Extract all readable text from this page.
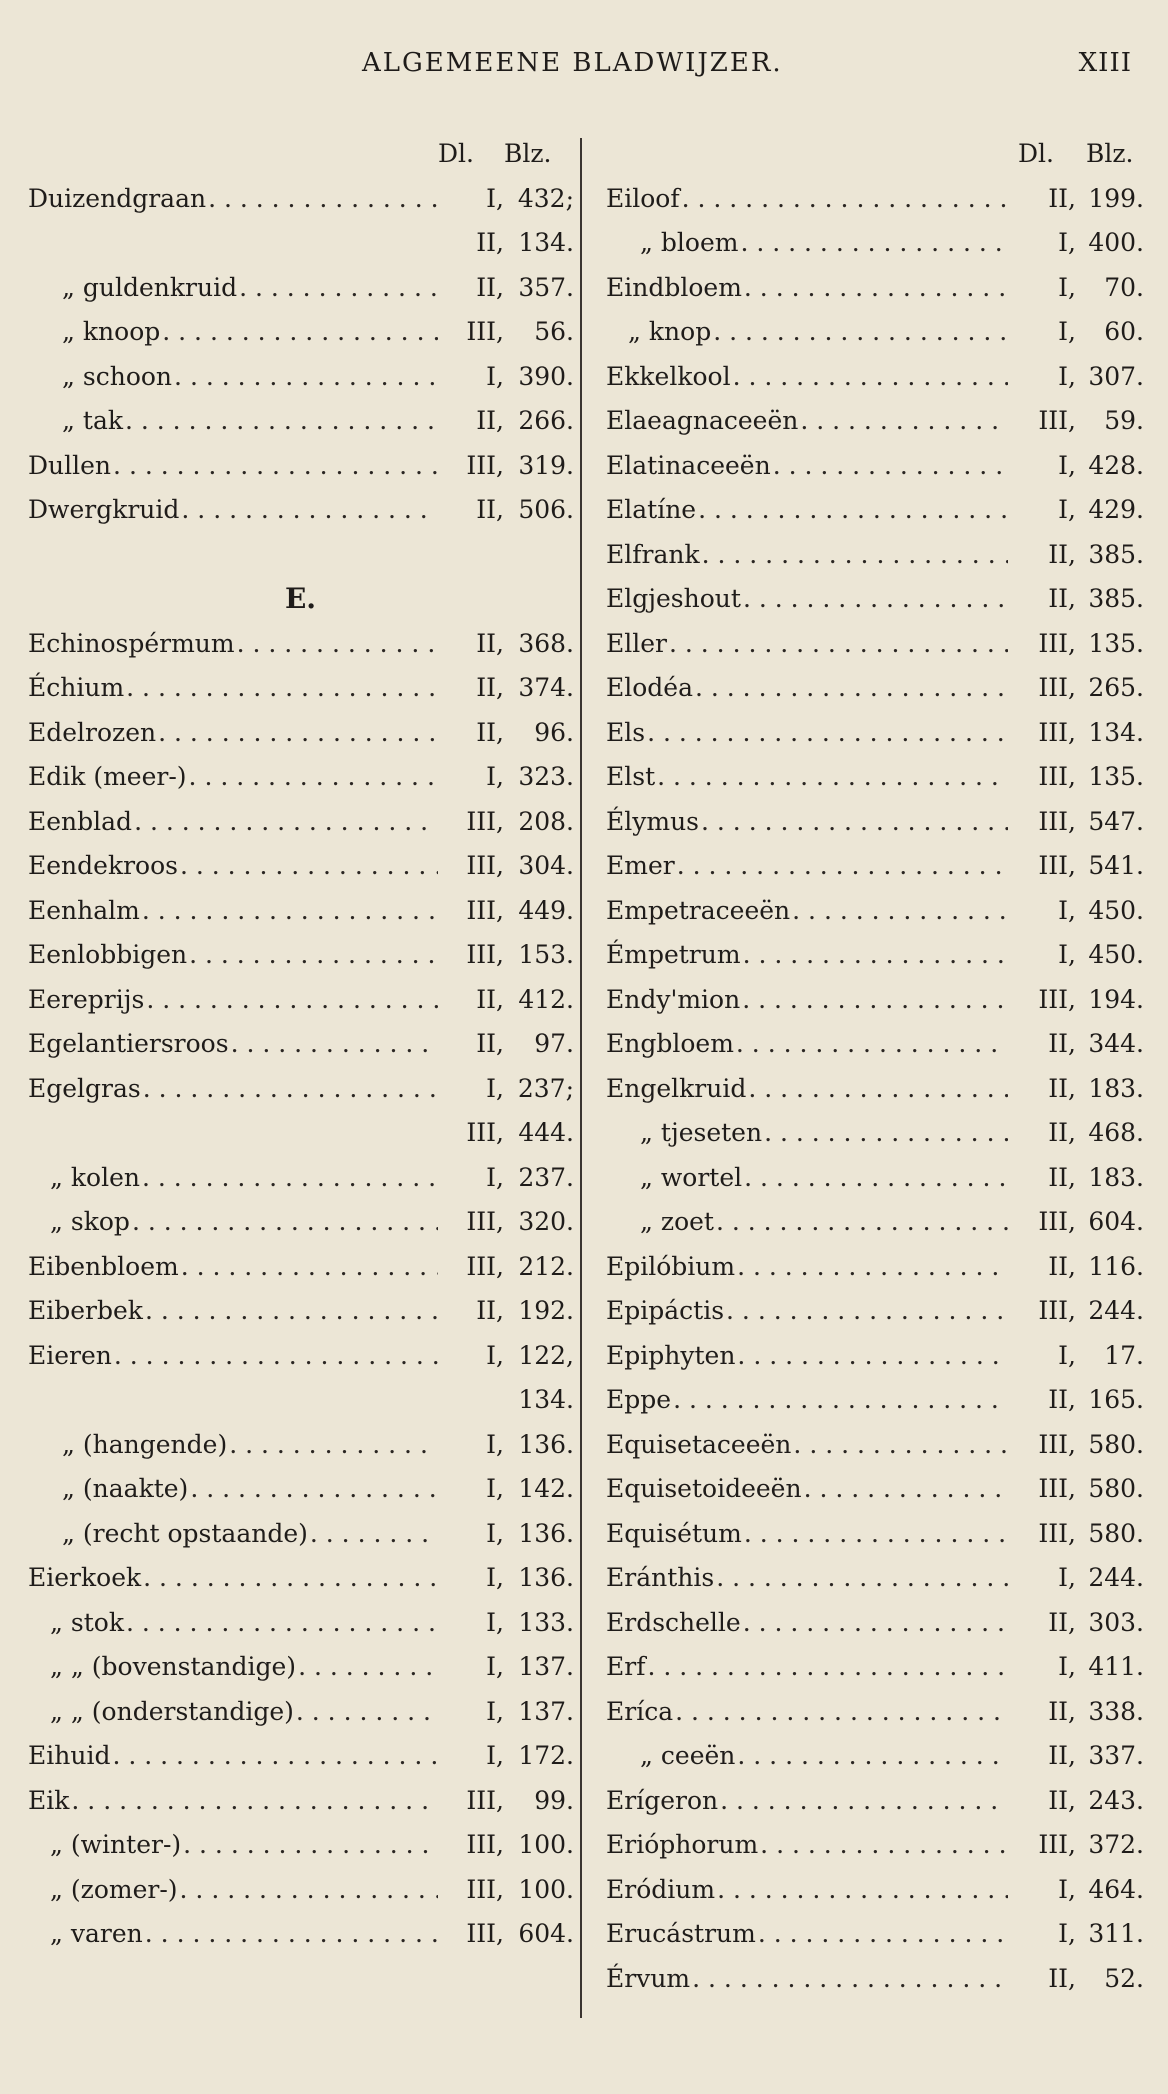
ALGEMEENE BLADWIJZER.	XIII
Dl. Blz.
Duizendgraan . . .	I, 432;
II, 134.
„ guldenkruid . . .	II, 357.
„ knoop . . .	III,	56.
„ schoon . . .	I, 390.
„ tak . . .	II, 266.
Dullen . . .	III, 319.
Dwergkruid . . .	II, 506.
E.
Echinospérmum . . .	II, 368.
Échium . . .	II, 374.
Edelrozen . . .	II,	96.
Edik (meer-) . . .	I, 323.
Eenblad . . .	III, 208.
Eendekroos . . .	III, 304.
Eenhalm . . .	III, 449.
Eenlobbigen . . .	III, 153.
Eereprijs . . .	II, 412.
Egelantiersroos . . .	II,	97.
Egelgras . . .	I, 237;
III, 444.
„ kolen . . .	I, 237.
„ skop . . .	III, 320.
Eibenbloem . . .	III, 212.
Eiberbek . . .	II, 192.
Eieren . . .	I, 122,
134.
„ (hangende) . . .	I, 136.
„ (naakte) . . .	I, 142.
„ (recht opstaande) . . .	I, 136.
Eierkoek . . .	I, 136.
„ stok . . .	I, 133.
„ „ (bovenstandige) . . .	I, 137.
„ „ (onderstandige) . . .	I, 137.
Eihuid . . .	I, 172.
Eik . . .	III,	99.
„ (winter-) . . .	III, 100.
„ (zomer-) . . .	III, 100.
„ varen . . .	III, 604.
Dl. Blz.
Eiloof . . .	II, 199.
„ bloem . . .	I, 400.
Eindbloem . . .	I,	70.
„ knop . . .	I,	60.
Ekkelkool . . .	I, 307.
Elaeagnaceeën . . .	III,	59.
Elatinaceeën . . .	I, 428.
Elatíne . . .	I, 429.
Elfrank . . .	II, 385.
Elgjeshout . . .	II, 385.
Eller . . .	III, 135.
Elodéa . . .	III, 265.
Els . . .	III, 134.
Elst . . .	III, 135.
Élymus . . .	III, 547.
Emer . . .	III, 541.
Empetraceeën . . .	I, 450.
Émpetrum . . .	I, 450.
Endy'mion . . .	III, 194.
Engbloem . . .	II, 344.
Engelkruid . . .	II, 183.
„ tjeseten . . .	II, 468.
„ wortel . . .	II, 183.
„ zoet . . .	III, 604.
Epilóbium . . .	II, 116.
Epipáctis . . .	III, 244.
Epiphyten . . .	I,	17.
Eppe . . .	II, 165.
Equisetaceeën . . .	III, 580.
Equisetoideeën . . .	III, 580.
Equisétum . . .	III, 580.
Eránthis . . .	I, 244.
Erdschelle . . .	II, 303.
Erf . . .	I, 411.
Eríca . . .	II, 338.
„ ceeën . . .	II, 337.
Erígeron . . .	II, 243.
Erióphorum . . .	III, 372.
Eródium . . .	I, 464.
Erucástrum . . .	I, 311.
Érvum . . .	II,	52.
